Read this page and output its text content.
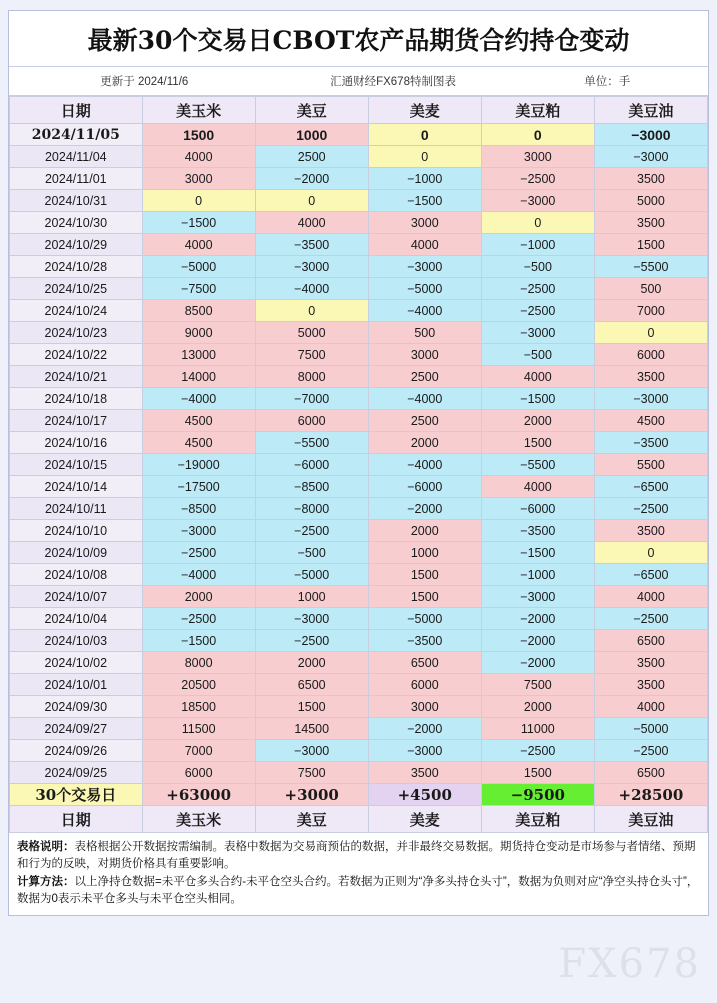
最新30个交易日CBOT农产品期货合约持仓变动
更新于 2024/11/6	汇通财经FX678特制图表	单位：手
日期	美玉米	美豆	美麦	美豆粕	美豆油
2024/11/05	1500	1000	0	0	−3000
2024/11/04	4000	2500	0	3000	−3000
2024/11/01	3000	−2000	−1000	−2500	3500
2024/10/31	0	0	−1500	−3000	5000
2024/10/30	−1500	4000	3000	0	3500
2024/10/29	4000	−3500	4000	−1000	1500
2024/10/28	−5000	−3000	−3000	−500	−5500
2024/10/25	−7500	−4000	−5000	−2500	500
2024/10/24	8500	0	−4000	−2500	7000
2024/10/23	9000	5000	500	−3000	0
2024/10/22	13000	7500	3000	−500	6000
2024/10/21	14000	8000	2500	4000	3500
2024/10/18	−4000	−7000	−4000	−1500	−3000
2024/10/17	4500	6000	2500	2000	4500
2024/10/16	4500	−5500	2000	1500	−3500
2024/10/15	−19000	−6000	−4000	−5500	5500
2024/10/14	−17500	−8500	−6000	4000	−6500
2024/10/11	−8500	−8000	−2000	−6000	−2500
2024/10/10	−3000	−2500	2000	−3500	3500
2024/10/09	−2500	−500	1000	−1500	0
2024/10/08	−4000	−5000	1500	−1000	−6500
2024/10/07	2000	1000	1500	−3000	4000
2024/10/04	−2500	−3000	−5000	−2000	−2500
2024/10/03	−1500	−2500	−3500	−2000	6500
2024/10/02	8000	2000	6500	−2000	3500
2024/10/01	20500	6500	6000	7500	3500
2024/09/30	18500	1500	3000	2000	4000
2024/09/27	11500	14500	−2000	11000	−5000
2024/09/26	7000	−3000	−3000	−2500	−2500
2024/09/25	6000	7500	3500	1500	6500
30个交易日	+63000	+3000	+4500	−9500	+28500
日期	美玉米	美豆	美麦	美豆粕	美豆油
表格说明：表格根据公开数据按需编制。表格中数据为交易商预估的数据，并非最终交易数据。期货持仓变动是市场参与者情绪、预期和行为的反映，对期货价格具有重要影响。
计算方法：以上净持仓数据=未平仓多头合约-未平仓空头合约。若数据为正则为“净多头持仓头寸”，数据为负则对应“净空头持仓头寸”，数据为0表示未平仓多头与未平仓空头相同。
FX678
